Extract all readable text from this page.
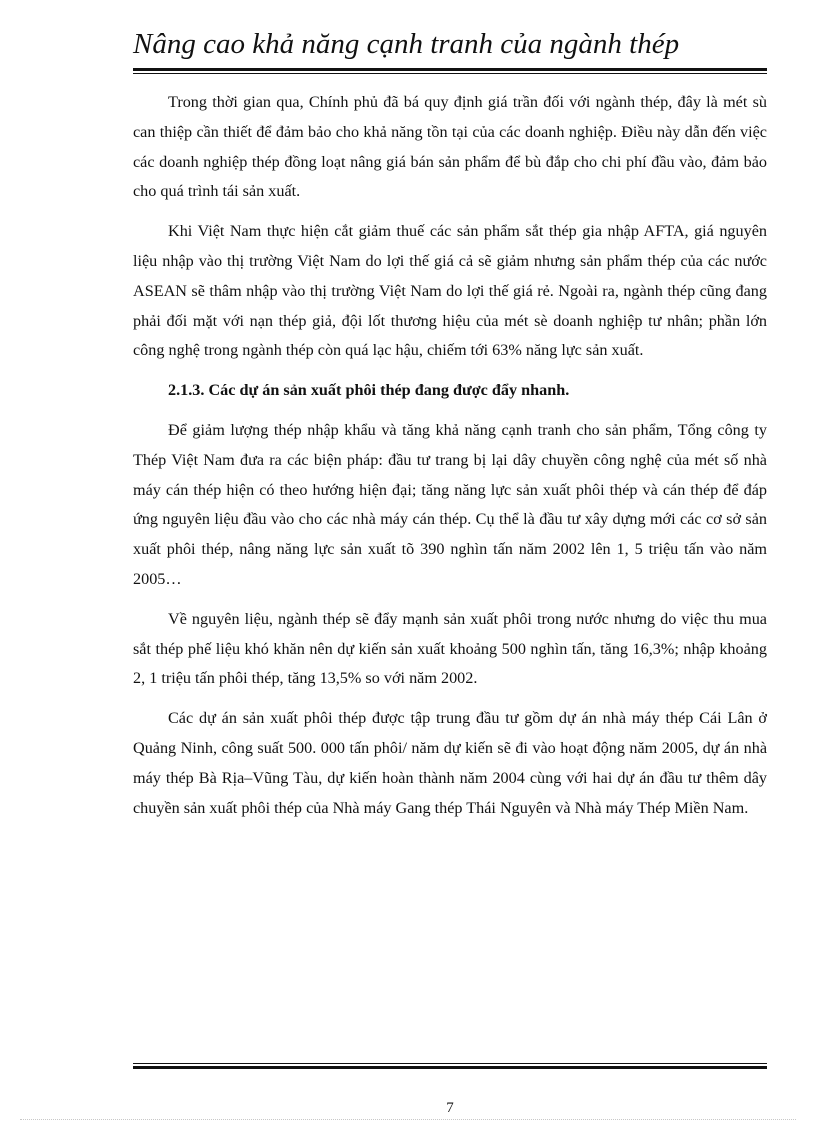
Nâng cao khả năng cạnh tranh của ngành thép

Trong thời gian qua, Chính phủ đã bá quy định giá trần đối với ngành thép, đây là mét sù can thiệp cần thiết để đảm bảo cho khả năng tồn tại của các doanh nghiệp. Điều này dẫn đến việc các doanh nghiệp thép đồng loạt nâng giá bán sản phẩm để bù đắp cho chi phí đầu vào, đảm bảo cho quá trình tái sản xuất.

Khi Việt Nam thực hiện cắt giảm thuế các sản phẩm sắt thép gia nhập AFTA, giá nguyên liệu nhập vào thị trường Việt Nam do lợi thế giá cả sẽ giảm nhưng sản phẩm thép của các nước ASEAN sẽ thâm nhập vào thị trường Việt Nam do lợi thế giá rẻ. Ngoài ra, ngành thép cũng đang phải đối mặt với nạn thép giả, đội lốt thương hiệu của mét sè doanh nghiệp tư nhân; phần lớn công nghệ trong ngành thép còn quá lạc hậu, chiếm tới 63% năng lực sản xuất.

2.1.3. Các dự án sản xuất phôi thép đang được đẩy nhanh.

Để giảm lượng thép nhập khẩu và tăng khả năng cạnh tranh cho sản phẩm, Tổng công ty Thép Việt Nam đưa ra các biện pháp: đầu tư trang bị lại dây chuyền công nghệ của mét số nhà máy cán thép hiện có theo hướng hiện đại; tăng năng lực sản xuất phôi thép và cán thép để đáp ứng nguyên liệu đầu vào cho các nhà máy cán thép. Cụ thể là đầu tư xây dựng mới các cơ sở sản xuất phôi thép, nâng năng lực sản xuất tõ 390 nghìn tấn năm 2002 lên 1, 5 triệu tấn vào năm 2005…

Về nguyên liệu, ngành thép sẽ đẩy mạnh sản xuất phôi trong nước nhưng do việc thu mua sắt thép phế liệu khó khăn nên dự kiến sản xuất khoảng 500 nghìn tấn, tăng 16,3%; nhập khoảng 2, 1 triệu tấn phôi thép, tăng 13,5% so với năm 2002.

Các dự án sản xuất phôi thép được tập trung đầu tư gồm dự án nhà máy thép Cái Lân ở Quảng Ninh, công suất 500. 000 tấn phôi/ năm dự kiến sẽ đi vào hoạt động năm 2005, dự án nhà máy thép Bà Rịa–Vũng Tàu, dự kiến hoàn thành năm 2004 cùng với hai dự án đầu tư thêm dây chuyền sản xuất phôi thép của Nhà máy Gang thép Thái Nguyên và Nhà máy Thép Miền Nam.

7
